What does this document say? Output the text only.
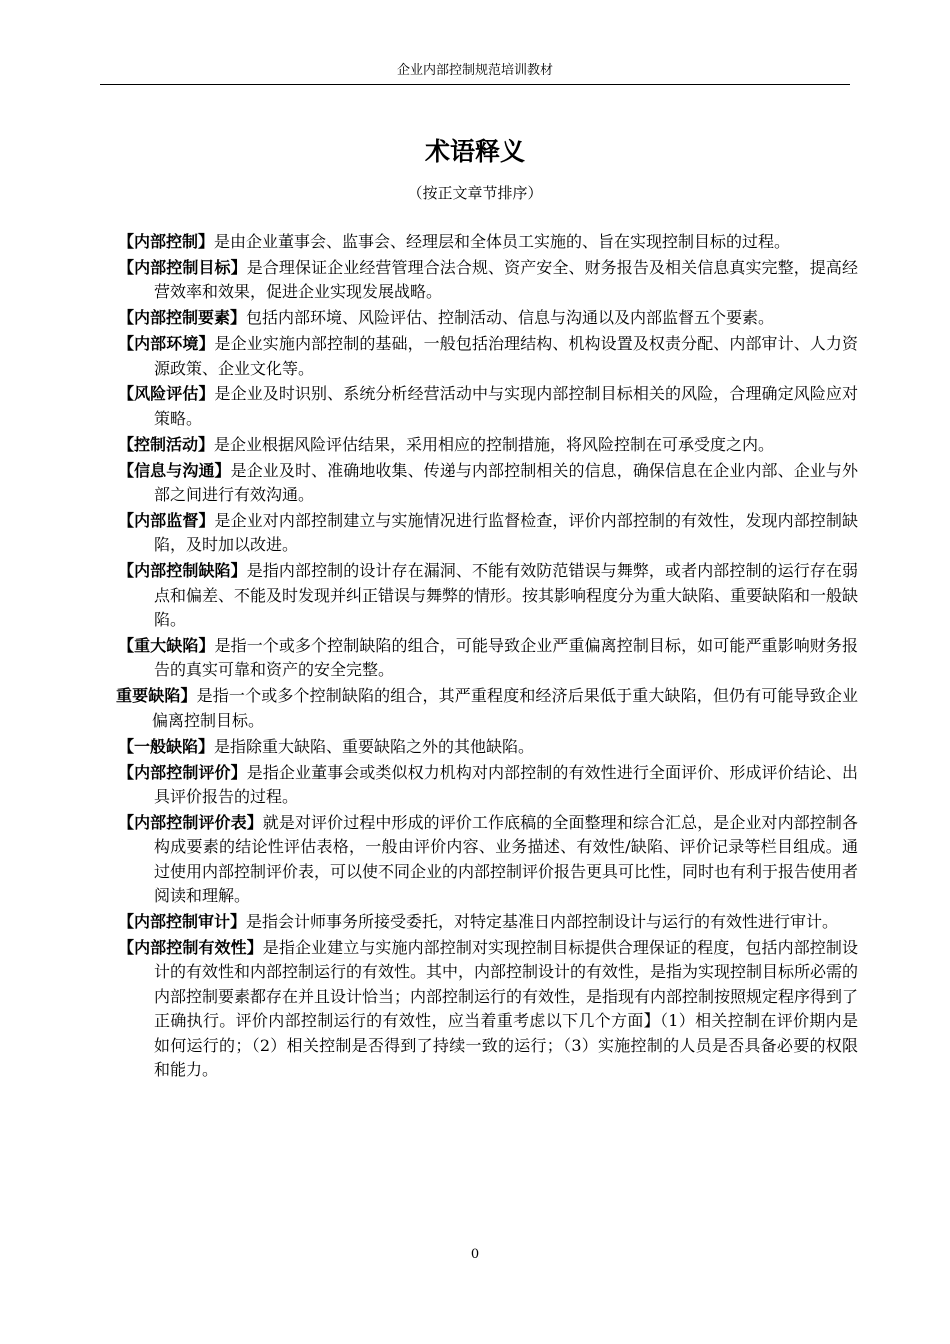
企业内部控制规范培训教材
术语释义
（按正文章节排序）

【内部控制】是由企业董事会、监事会、经理层和全体员工实施的、旨在实现控制目标的过程。

【内部控制目标】是合理保证企业经营管理合法合规、资产安全、财务报告及相关信息真实完整，提高经营效率和效果，促进企业实现发展战略。

【内部控制要素】包括内部环境、风险评估、控制活动、信息与沟通以及内部监督五个要素。

【内部环境】是企业实施内部控制的基础，一般包括治理结构、机构设置及权责分配、内部审计、人力资源政策、企业文化等。

【风险评估】是企业及时识别、系统分析经营活动中与实现内部控制目标相关的风险，合理确定风险应对策略。

【控制活动】是企业根据风险评估结果，采用相应的控制措施，将风险控制在可承受度之内。

【信息与沟通】是企业及时、准确地收集、传递与内部控制相关的信息，确保信息在企业内部、企业与外部之间进行有效沟通。

【内部监督】是企业对内部控制建立与实施情况进行监督检查，评价内部控制的有效性，发现内部控制缺陷，及时加以改进。

【内部控制缺陷】是指内部控制的设计存在漏洞、不能有效防范错误与舞弊，或者内部控制的运行存在弱点和偏差、不能及时发现并纠正错误与舞弊的情形。按其影响程度分为重大缺陷、重要缺陷和一般缺陷。

【重大缺陷】是指一个或多个控制缺陷的组合，可能导致企业严重偏离控制目标，如可能严重影响财务报告的真实可靠和资产的安全完整。

重要缺陷】是指一个或多个控制缺陷的组合，其严重程度和经济后果低于重大缺陷，但仍有可能导致企业偏离控制目标。

【一般缺陷】是指除重大缺陷、重要缺陷之外的其他缺陷。

【内部控制评价】是指企业董事会或类似权力机构对内部控制的有效性进行全面评价、形成评价结论、出具评价报告的过程。

【内部控制评价表】就是对评价过程中形成的评价工作底稿的全面整理和综合汇总，是企业对内部控制各构成要素的结论性评估表格，一般由评价内容、业务描述、有效性/缺陷、评价记录等栏目组成。通过使用内部控制评价表，可以使不同企业的内部控制评价报告更具可比性，同时也有利于报告使用者阅读和理解。

【内部控制审计】是指会计师事务所接受委托，对特定基准日内部控制设计与运行的有效性进行审计。

【内部控制有效性】是指企业建立与实施内部控制对实现控制目标提供合理保证的程度，包括内部控制设计的有效性和内部控制运行的有效性。其中，内部控制设计的有效性，是指为实现控制目标所必需的内部控制要素都存在并且设计恰当；内部控制运行的有效性，是指现有内部控制按照规定程序得到了正确执行。评价内部控制运行的有效性，应当着重考虑以下几个方面】（1）相关控制在评价期内是如何运行的；（2）相关控制是否得到了持续一致的运行；（3）实施控制的人员是否具备必要的权限和能力。

0
